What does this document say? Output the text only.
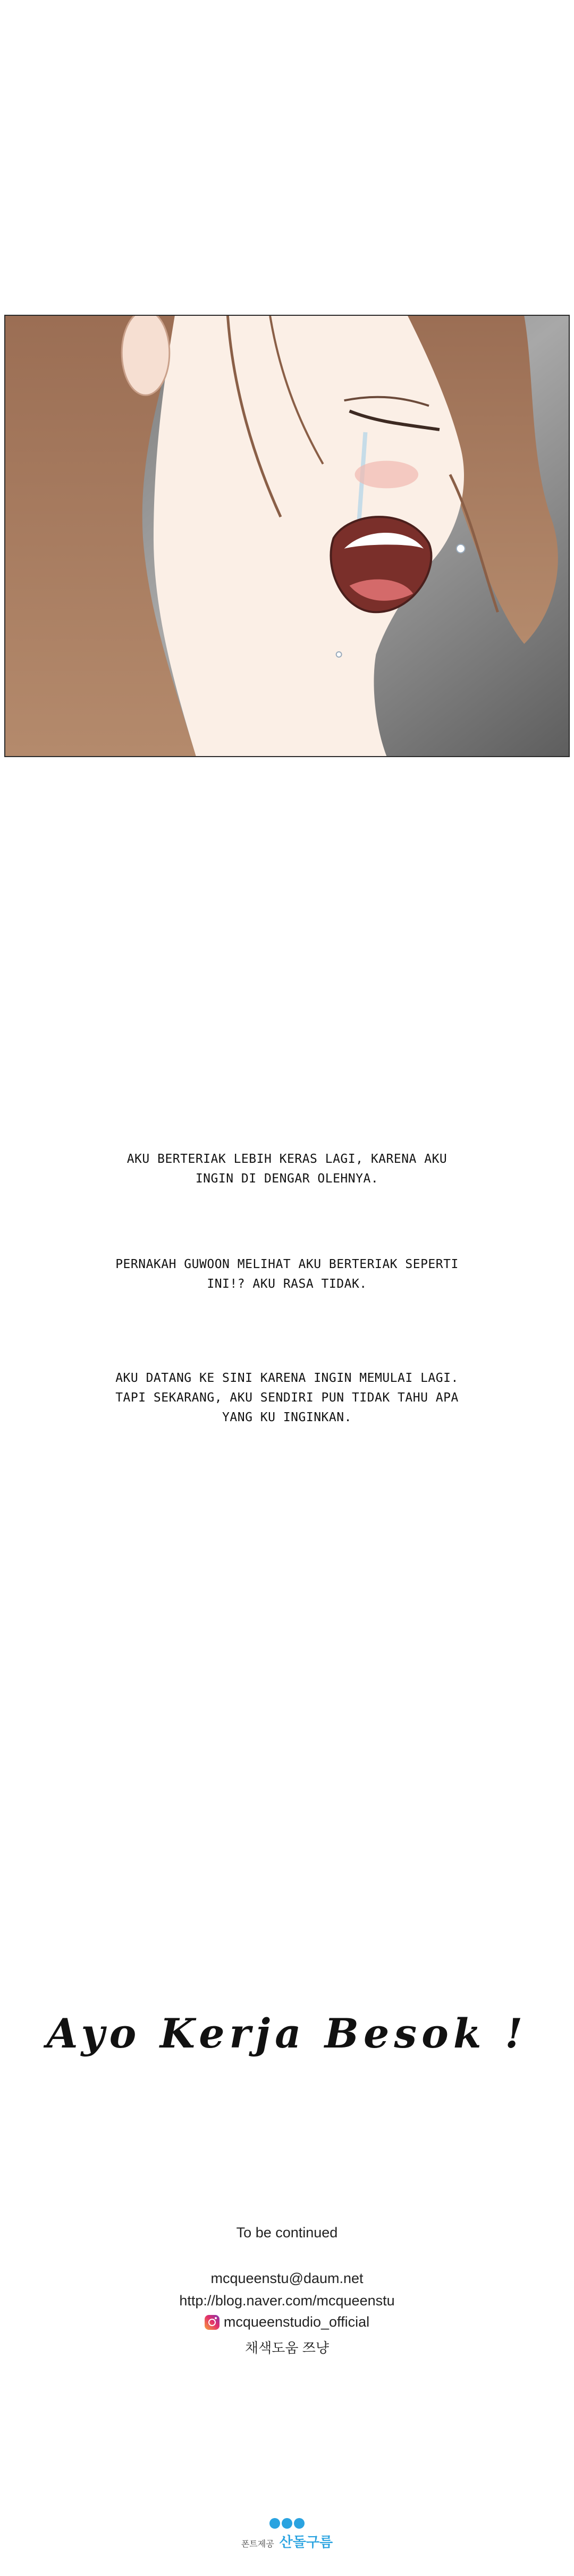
AKU BERTERIAK LEBIH KERAS LAGI, KARENA AKU INGIN DI DENGAR OLEHNYA.
PERNAKAH GUWOON MELIHAT AKU BERTERIAK SEPERTI INI!? AKU RASA TIDAK.
AKU DATANG KE SINI KARENA INGIN MEMULAI LAGI. TAPI SEKARANG, AKU SENDIRI PUN TIDAK TAHU APA YANG KU INGINKAN.
Ayo Kerja Besok !
To be continued
mcqueenstu@daum.net
http://blog.naver.com/mcqueenstu
mcqueenstudio_official
채색도움 쯔냥
폰트제공 산돌구름
